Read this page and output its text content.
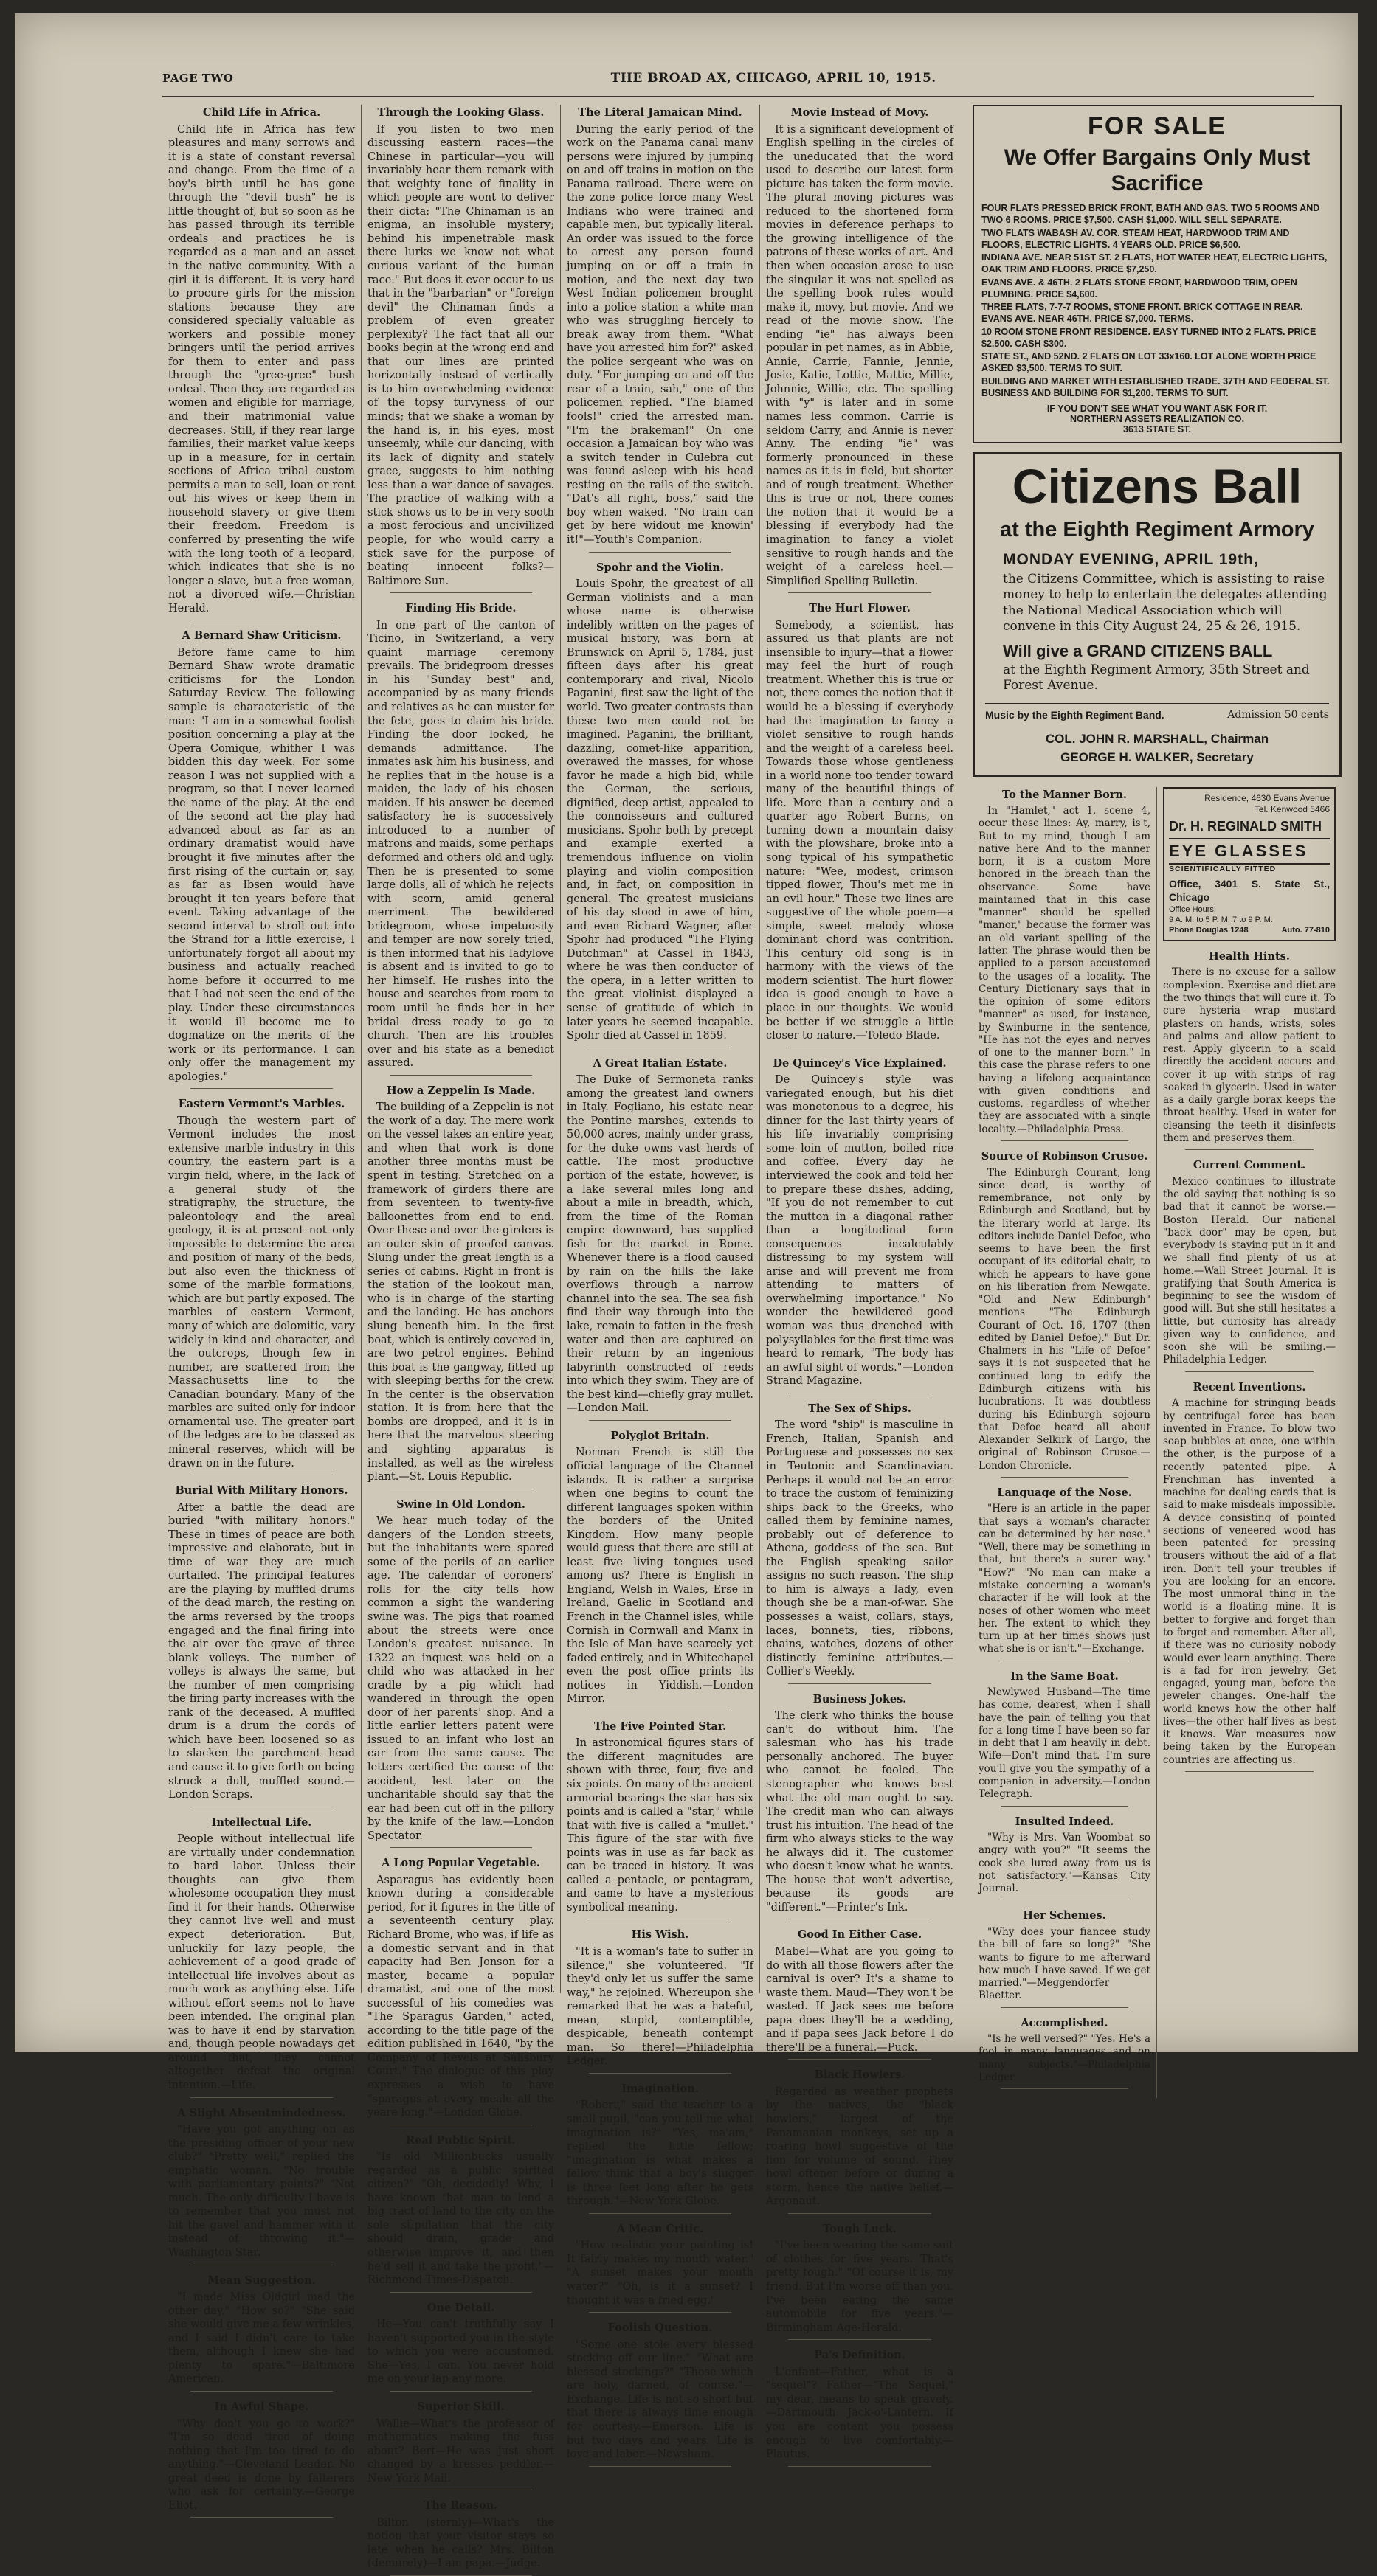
PAGE TWO	THE BROAD AX, CHICAGO, APRIL 10, 1915.
Child Life in Africa.
Child life in Africa has few pleasures and many sorrows and it is a state of constant reversal and change. From the time of a boy's birth until he has gone through the "devil bush" he is little thought of, but so soon as he has passed through its terrible ordeals and practices he is regarded as a man and an asset in the native community. With a girl it is different. It is very hard to procure girls for the mission stations because they are considered specially valuable as workers and possible money bringers until the period arrives for them to enter and pass through the "gree-gree" bush ordeal. Then they are regarded as women and eligible for marriage, and their matrimonial value decreases. Still, if they rear large families, their market value keeps up in a measure, for in certain sections of Africa tribal custom permits a man to sell, loan or rent out his wives or keep them in household slavery or give them their freedom. Freedom is conferred by presenting the wife with the long tooth of a leopard, which indicates that she is no longer a slave, but a free woman, not a divorced wife.—Christian Herald.
A Bernard Shaw Criticism.
Before fame came to him Bernard Shaw wrote dramatic criticisms for the London Saturday Review. The following sample is characteristic of the man: "I am in a somewhat foolish position concerning a play at the Opera Comique, whither I was bidden this day week. For some reason I was not supplied with a program, so that I never learned the name of the play. At the end of the second act the play had advanced about as far as an ordinary dramatist would have brought it five minutes after the first rising of the curtain or, say, as far as Ibsen would have brought it ten years before that event. Taking advantage of the second interval to stroll out into the Strand for a little exercise, I unfortunately forgot all about my business and actually reached home before it occurred to me that I had not seen the end of the play. Under these circumstances it would ill become me to dogmatize on the merits of the work or its performance. I can only offer the management my apologies."
Eastern Vermont's Marbles.
Though the western part of Vermont includes the most extensive marble industry in this country, the eastern part is a virgin field, where, in the lack of a general study of the stratigraphy, the structure, the paleontology and the areal geology, it is at present not only impossible to determine the area and position of many of the beds, but also even the thickness of some of the marble formations, which are but partly exposed. The marbles of eastern Vermont, many of which are dolomitic, vary widely in kind and character, and the outcrops, though few in number, are scattered from the Massachusetts line to the Canadian boundary. Many of the marbles are suited only for indoor ornamental use. The greater part of the ledges are to be classed as mineral reserves, which will be drawn on in the future.
Burial With Military Honors.
After a battle the dead are buried "with military honors." These in times of peace are both impressive and elaborate, but in time of war they are much curtailed. The principal features are the playing by muffled drums of the dead march, the resting on the arms reversed by the troops engaged and the final firing into the air over the grave of three blank volleys. The number of volleys is always the same, but the number of men comprising the firing party increases with the rank of the deceased. A muffled drum is a drum the cords of which have been loosened so as to slacken the parchment head and cause it to give forth on being struck a dull, muffled sound.—London Scraps.
Intellectual Life.
People without intellectual life are virtually under condemnation to hard labor. Unless their thoughts can give them wholesome occupation they must find it for their hands. Otherwise they cannot live well and must expect deterioration. But, unluckily for lazy people, the achievement of a good grade of intellectual life involves about as much work as anything else. Life without effort seems not to have been intended. The original plan was to have it end by starvation and, though people nowadays get around that, they cannot altogether defeat the original intention.—Life.
A Slight Absentmindedness.
"Have you got anything on as the presiding officer of your new club?" "Pretty well," replied the emphatic woman. "No trouble with parliamentary points?" "Not much. The only difficulty I have is to remember that you must not hit the gavel and hammer with it instead of throwing it."—Washington Star.
Mean Suggestion.
"I made Miss Oldgirl mad the other day." "How so?" "She said she would give me a few wrinkles, and I said I didn't care to take them, although I knew she had plenty to spare."—Baltimore American.
In Awful Shape.
"Why don't you go to work?" "I'm so dead tired of doing nothing that I'm too tired to do anything."—Cleveland Leader. No great deed is done by falterers who ask for certainty.—George Eliot.
Through the Looking Glass.
If you listen to two men discussing eastern races—the Chinese in particular—you will invariably hear them remark with that weighty tone of finality in which people are wont to deliver their dicta: "The Chinaman is an enigma, an insoluble mystery; behind his impenetrable mask there lurks we know not what curious variant of the human race." But does it ever occur to us that in the "barbarian" or "foreign devil" the Chinaman finds a problem of even greater perplexity? The fact that all our books begin at the wrong end and that our lines are printed horizontally instead of vertically is to him overwhelming evidence of the topsy turvyness of our minds; that we shake a woman by the hand is, in his eyes, most unseemly, while our dancing, with its lack of dignity and stately grace, suggests to him nothing less than a war dance of savages. The practice of walking with a stick shows us to be in very sooth a most ferocious and uncivilized people, for who would carry a stick save for the purpose of beating innocent folks?—Baltimore Sun.
Finding His Bride.
In one part of the canton of Ticino, in Switzerland, a very quaint marriage ceremony prevails. The bridegroom dresses in his "Sunday best" and, accompanied by as many friends and relatives as he can muster for the fete, goes to claim his bride. Finding the door locked, he demands admittance. The inmates ask him his business, and he replies that in the house is a maiden, the lady of his chosen maiden. If his answer be deemed satisfactory he is successively introduced to a number of matrons and maids, some perhaps deformed and others old and ugly. Then he is presented to some large dolls, all of which he rejects with scorn, amid general merriment. The bewildered bridegroom, whose impetuosity and temper are now sorely tried, is then informed that his ladylove is absent and is invited to go to her himself. He rushes into the house and searches from room to room until he finds her in her bridal dress ready to go to church. Then are his troubles over and his state as a benedict assured.
How a Zeppelin Is Made.
The building of a Zeppelin is not the work of a day. The mere work on the vessel takes an entire year, and when that work is done another three months must be spent in testing. Stretched on a framework of girders there are from seventeen to twenty-five balloonettes from end to end. Over these and over the girders is an outer skin of proofed canvas. Slung under the great length is a series of cabins. Right in front is the station of the lookout man, who is in charge of the starting and the landing. He has anchors slung beneath him. In the first boat, which is entirely covered in, are two petrol engines. Behind this boat is the gangway, fitted up with sleeping berths for the crew. In the center is the observation station. It is from here that the bombs are dropped, and it is in here that the marvelous steering and sighting apparatus is installed, as well as the wireless plant.—St. Louis Republic.
Swine In Old London.
We hear much today of the dangers of the London streets, but the inhabitants were spared some of the perils of an earlier age. The calendar of coroners' rolls for the city tells how common a sight the wandering swine was. The pigs that roamed about the streets were once London's greatest nuisance. In 1322 an inquest was held on a child who was attacked in her cradle by a pig which had wandered in through the open door of her parents' shop. And a little earlier letters patent were issued to an infant who lost an ear from the same cause. The letters certified the cause of the accident, lest later on the uncharitable should say that the ear had been cut off in the pillory by the knife of the law.—London Spectator.
A Long Popular Vegetable.
Asparagus has evidently been known during a considerable period, for it figures in the title of a seventeenth century play. Richard Brome, who was, if life as a domestic servant and in that capacity had Ben Jonson for a master, became a popular dramatist, and one of the most successful of his comedies was "The Sparagus Garden," acted, according to the title page of the edition published in 1640, "by the Company of Revels at Salisbury Court." The dialogue of this play expresses a wish to have "sparagus at every meale all the yeare long."—London Globe.
Real Public Spirit.
"Is old Millionbucks usually regarded as a public spirited citizen?" "Oh, decidedly! Why, I have known that man to lend a big tract of land to the city on the sole stipulation that the city should drain, grade and otherwise improve it, and then he'd sell it and take the profit."—Richmond Times-Dispatch.
One Detail.
He—You can't truthfully say I haven't supported you in the style to which you were accustomed. She—Yes, I can. You never hold me on your lap any more.
Superior Skill.
Wallie—What's the professor of mathematics making the fuss about? Bert—He was just short changed by a kresses peddler.—New York Mail.
The Reason.
Bilton (sternly)—What's the notion that your visitor stays so late when he calls? Mrs. Bilton (demurely)—I am papa.—Judge.
The Literal Jamaican Mind.
During the early period of the work on the Panama canal many persons were injured by jumping on and off trains in motion on the Panama railroad. There were on the zone police force many West Indians who were trained and capable men, but typically literal. An order was issued to the force to arrest any person found jumping on or off a train in motion, and the next day two West Indian policemen brought into a police station a white man who was struggling fiercely to break away from them. "What have you arrested him for?" asked the police sergeant who was on duty. "For jumping on and off the rear of a train, sah," one of the policemen replied. "The blamed fools!" cried the arrested man. "I'm the brakeman!" On one occasion a Jamaican boy who was a switch tender in Culebra cut was found asleep with his head resting on the rails of the switch. "Dat's all right, boss," said the boy when waked. "No train can get by here widout me knowin' it!"—Youth's Companion.
Spohr and the Violin.
Louis Spohr, the greatest of all German violinists and a man whose name is otherwise indelibly written on the pages of musical history, was born at Brunswick on April 5, 1784, just fifteen days after his great contemporary and rival, Nicolo Paganini, first saw the light of the world. Two greater contrasts than these two men could not be imagined. Paganini, the brilliant, dazzling, comet-like apparition, overawed the masses, for whose favor he made a high bid, while the German, the serious, dignified, deep artist, appealed to the connoisseurs and cultured musicians. Spohr both by precept and example exerted a tremendous influence on violin playing and violin composition and, in fact, on composition in general. The greatest musicians of his day stood in awe of him, and even Richard Wagner, after Spohr had produced "The Flying Dutchman" at Cassel in 1843, where he was then conductor of the opera, in a letter written to the great violinist displayed a sense of gratitude of which in later years he seemed incapable. Spohr died at Cassel in 1859.
A Great Italian Estate.
The Duke of Sermoneta ranks among the greatest land owners in Italy. Fogliano, his estate near the Pontine marshes, extends to 50,000 acres, mainly under grass, for the duke owns vast herds of cattle. The most productive portion of the estate, however, is a lake several miles long and about a mile in breadth, which, from the time of the Roman empire downward, has supplied fish for the market in Rome. Whenever there is a flood caused by rain on the hills the lake overflows through a narrow channel into the sea. The sea fish find their way through into the lake, remain to fatten in the fresh water and then are captured on their return by an ingenious labyrinth constructed of reeds into which they swim. They are of the best kind—chiefly gray mullet.—London Mail.
Polyglot Britain.
Norman French is still the official language of the Channel islands. It is rather a surprise when one begins to count the different languages spoken within the borders of the United Kingdom. How many people would guess that there are still at least five living tongues used among us? There is English in England, Welsh in Wales, Erse in Ireland, Gaelic in Scotland and French in the Channel isles, while Cornish in Cornwall and Manx in the Isle of Man have scarcely yet faded entirely, and in Whitechapel even the post office prints its notices in Yiddish.—London Mirror.
The Five Pointed Star.
In astronomical figures stars of the different magnitudes are shown with three, four, five and six points. On many of the ancient armorial bearings the star has six points and is called a "star," while that with five is called a "mullet." This figure of the star with five points was in use as far back as can be traced in history. It was called a pentacle, or pentagram, and came to have a mysterious symbolical meaning.
His Wish.
"It is a woman's fate to suffer in silence," she volunteered. "If they'd only let us suffer the same way," he rejoined. Whereupon she remarked that he was a hateful, mean, stupid, contemptible, despicable, beneath contempt man. So there!—Philadelphia Ledger.
Imagination.
"Robert," said the teacher to a small pupil, "can you tell me what imagination is?" "Yes, ma'am," replied the little fellow; "imagination is what makes a fellow think that a boy's slugger is three feet long after he gets through."—New York Globe.
A Mean Critic.
"How realistic your painting is! It fairly makes my mouth water." "A sunset makes your mouth water?" "Oh, is it a sunset? I thought it was a fried egg."
Foolish Question.
"Some one stole every blessed stocking off our line." "What are blessed stockings?" "Those which are holy, darned, of course."—Exchange. Life is not so short but that there is always time enough for courtesy.—Emerson. Life is but two days and years. Life is love and labor.—Newsham.
Movie Instead of Movy.
It is a significant development of English spelling in the circles of the uneducated that the word used to describe our latest form picture has taken the form movie. The plural moving pictures was reduced to the shortened form movies in deference perhaps to the growing intelligence of the patrons of these works of art. And then when occasion arose to use the singular it was not spelled as the spelling book rules would make it, movy, but movie. And we read of the movie show. The ending "ie" has always been popular in pet names, as in Abbie, Annie, Carrie, Fannie, Jennie, Josie, Katie, Lottie, Mattie, Millie, Johnnie, Willie, etc. The spelling with "y" is later and in some names less common. Carrie is seldom Carry, and Annie is never Anny. The ending "ie" was formerly pronounced in these names as it is in field, but shorter and of rough treatment. Whether this is true or not, there comes the notion that it would be a blessing if everybody had the imagination to fancy a violet sensitive to rough hands and the weight of a careless heel.—Simplified Spelling Bulletin.
The Hurt Flower.
Somebody, a scientist, has assured us that plants are not insensible to injury—that a flower may feel the hurt of rough treatment. Whether this is true or not, there comes the notion that it would be a blessing if everybody had the imagination to fancy a violet sensitive to rough hands and the weight of a careless heel. Towards those whose gentleness in a world none too tender toward many of the beautiful things of life. More than a century and a quarter ago Robert Burns, on turning down a mountain daisy with the plowshare, broke into a song typical of his sympathetic nature: "Wee, modest, crimson tipped flower, Thou's met me in an evil hour." These two lines are suggestive of the whole poem—a simple, sweet melody whose dominant chord was contrition. This century old song is in harmony with the views of the modern scientist. The hurt flower idea is good enough to have a place in our thoughts. We would be better if we struggle a little closer to nature.—Toledo Blade.
De Quincey's Vice Explained.
De Quincey's style was variegated enough, but his diet was monotonous to a degree, his dinner for the last thirty years of his life invariably comprising some loin of mutton, boiled rice and coffee. Every day he interviewed the cook and told her to prepare these dishes, adding, "If you do not remember to cut the mutton in a diagonal rather than a longitudinal form consequences incalculably distressing to my system will arise and will prevent me from attending to matters of overwhelming importance." No wonder the bewildered good woman was thus drenched with polysyllables for the first time was heard to remark, "The body has an awful sight of words."—London Strand Magazine.
The Sex of Ships.
The word "ship" is masculine in French, Italian, Spanish and Portuguese and possesses no sex in Teutonic and Scandinavian. Perhaps it would not be an error to trace the custom of feminizing ships back to the Greeks, who called them by feminine names, probably out of deference to Athena, goddess of the sea. But the English speaking sailor assigns no such reason. The ship to him is always a lady, even though she be a man-of-war. She possesses a waist, collars, stays, laces, bonnets, ties, ribbons, chains, watches, dozens of other distinctly feminine attributes.—Collier's Weekly.
Business Jokes.
The clerk who thinks the house can't do without him. The salesman who has his trade personally anchored. The buyer who cannot be fooled. The stenographer who knows best what the old man ought to say. The credit man who can always trust his intuition. The head of the firm who always sticks to the way he always did it. The customer who doesn't know what he wants. The house that won't advertise, because its goods are "different."—Printer's Ink.
Good In Either Case.
Mabel—What are you going to do with all those flowers after the carnival is over? It's a shame to waste them. Maud—They won't be wasted. If Jack sees me before papa does they'll be a wedding, and if papa sees Jack before I do there'll be a funeral.—Puck.
Black Howlers.
Regarded as weather prophets by the natives, the "black howlers," largest of the Panamanian monkeys, set up a roaring howl suggestive of the lion for volume of sound. They howl oftener before or during a storm, hence the native belief.—Argonaut.
Tough Luck.
"I've been wearing the same suit of clothes for five years. That's pretty tough." "Of course it is, my friend. But I'm worse off than you. I've been eating the same automobile for five years."—Birmingham Age-Herald.
Pa's Definition.
L'enfant—Father, what is a "sequel"? Father—"The Sequel," my dear, means to speak gravely.—Dartmouth Jack-o'-Lantern. If you are content you possess enough to live comfortably.—Plautus.
FOR SALE
We Offer Bargains Only Must Sacrifice
FOUR FLATS PRESSED BRICK FRONT, BATH AND GAS. TWO 5 ROOMS AND TWO 6 ROOMS. PRICE $7,500. CASH $1,000. WILL SELL SEPARATE.
TWO FLATS WABASH AV. COR. STEAM HEAT, HARDWOOD TRIM AND FLOORS, ELECTRIC LIGHTS. 4 YEARS OLD. PRICE $6,500.
INDIANA AVE. NEAR 51ST ST. 2 FLATS, HOT WATER HEAT, ELECTRIC LIGHTS, OAK TRIM AND FLOORS. PRICE $7,250.
EVANS AVE. & 46TH. 2 FLATS STONE FRONT, HARDWOOD TRIM, OPEN PLUMBING. PRICE $4,600.
THREE FLATS, 7-7-7 ROOMS, STONE FRONT. BRICK COTTAGE IN REAR. EVANS AVE. NEAR 46TH. PRICE $7,000. TERMS.
10 ROOM STONE FRONT RESIDENCE. EASY TURNED INTO 2 FLATS. PRICE $2,500. CASH $300.
STATE ST., AND 52ND. 2 FLATS ON LOT 33x160. LOT ALONE WORTH PRICE ASKED $3,500. TERMS TO SUIT.
BUILDING AND MARKET WITH ESTABLISHED TRADE. 37TH AND FEDERAL ST. BUSINESS AND BUILDING FOR $1,200. TERMS TO SUIT.
IF YOU DON'T SEE WHAT YOU WANT ASK FOR IT.
NORTHERN ASSETS REALIZATION CO.
3613 STATE ST.
Citizens Ball
at the Eighth Regiment Armory
MONDAY EVENING, APRIL 19th,
the Citizens Committee, which is assisting to raise money to help to entertain the delegates attending the National Medical Association which will convene in this City August 24, 25 & 26, 1915.
Will give a GRAND CITIZENS BALL
at the Eighth Regiment Armory, 35th Street and Forest Avenue.
Music by the Eighth Regiment Band.	Admission 50 cents
COL. JOHN R. MARSHALL, Chairman
GEORGE H. WALKER, Secretary
To the Manner Born.
In "Hamlet," act 1, scene 4, occur these lines: Ay, marry, is't, But to my mind, though I am native here And to the manner born, it is a custom More honored in the breach than the observance. Some have maintained that in this case "manner" should be spelled "manor," because the former was an old variant spelling of the latter. The phrase would then be applied to a person accustomed to the usages of a locality. The Century Dictionary says that in the opinion of some editors "manner" as used, for instance, by Swinburne in the sentence, "He has not the eyes and nerves of one to the manner born." In this case the phrase refers to one having a lifelong acquaintance with given conditions and customs, regardless of whether they are associated with a single locality.—Philadelphia Press.
Source of Robinson Crusoe.
The Edinburgh Courant, long since dead, is worthy of remembrance, not only by Edinburgh and Scotland, but by the literary world at large. Its editors include Daniel Defoe, who seems to have been the first occupant of its editorial chair, to which he appears to have gone on his liberation from Newgate. "Old and New Edinburgh" mentions "The Edinburgh Courant of Oct. 16, 1707 (then edited by Daniel Defoe)." But Dr. Chalmers in his "Life of Defoe" says it is not suspected that he continued long to edify the Edinburgh citizens with his lucubrations. It was doubtless during his Edinburgh sojourn that Defoe heard all about Alexander Selkirk of Largo, the original of Robinson Crusoe.—London Chronicle.
Language of the Nose.
"Here is an article in the paper that says a woman's character can be determined by her nose." "Well, there may be something in that, but there's a surer way." "How?" "No man can make a mistake concerning a woman's character if he will look at the noses of other women who meet her. The extent to which they turn up at her times shows just what she is or isn't."—Exchange.
In the Same Boat.
Newlywed Husband—The time has come, dearest, when I shall have the pain of telling you that for a long time I have been so far in debt that I am heavily in debt. Wife—Don't mind that. I'm sure you'll give you the sympathy of a companion in adversity.—London Telegraph.
Insulted Indeed.
"Why is Mrs. Van Woombat so angry with you?" "It seems the cook she lured away from us is not satisfactory."—Kansas City Journal.
Her Schemes.
"Why does your fiancee study the bill of fare so long?" "She wants to figure to me afterward how much I have saved. If we get married."—Meggendorfer Blaetter.
Accomplished.
"Is he well versed?" "Yes. He's a fool in many languages and on many subjects."—Philadelphia Ledger.
Residence, 4630 Evans Avenue
Tel. Kenwood 5466
Dr. H. REGINALD SMITH
EYE GLASSES
SCIENTIFICALLY FITTED
Office, 3401 S. State St., Chicago
Office Hours:
9 A. M. to 5 P. M. 7 to 9 P. M.
Phone Douglas 1248	Auto. 77-810
Health Hints.
There is no excuse for a sallow complexion. Exercise and diet are the two things that will cure it. To cure hysteria wrap mustard plasters on hands, wrists, soles and palms and allow patient to rest. Apply glycerin to a scald directly the accident occurs and cover it up with strips of rag soaked in glycerin. Used in water as a daily gargle borax keeps the throat healthy. Used in water for cleansing the teeth it disinfects them and preserves them.
Current Comment.
Mexico continues to illustrate the old saying that nothing is so bad that it cannot be worse.—Boston Herald. Our national "back door" may be open, but everybody is staying put in it and we shall find plenty of us at home.—Wall Street Journal. It is gratifying that South America is beginning to see the wisdom of good will. But she still hesitates a little, but curiosity has already given way to confidence, and soon she will be smiling.—Philadelphia Ledger.
Recent Inventions.
A machine for stringing beads by centrifugal force has been invented in France. To blow two soap bubbles at once, one within the other, is the purpose of a recently patented pipe. A Frenchman has invented a machine for dealing cards that is said to make misdeals impossible. A device consisting of pointed sections of veneered wood has been patented for pressing trousers without the aid of a flat iron. Don't tell your troubles if you are looking for an encore. The most unmoral thing in the world is a floating mine. It is better to forgive and forget than to forget and remember. After all, if there was no curiosity nobody would ever learn anything. There is a fad for iron jewelry. Get engaged, young man, before the jeweler changes. One-half the world knows how the other half lives—the other half lives as best it knows. War measures now being taken by the European countries are affecting us.
